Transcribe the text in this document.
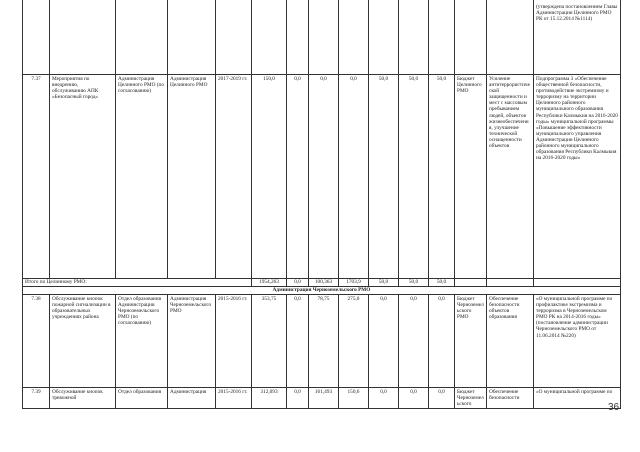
														(утверждена постановлением Главы Администрации Целинного РМО РК от 15.12.2014 №1114)
7.37	Мероприятия по внедрению, обслуживанию АПК «Безопасный город»	Администрация Целинного РМО (по согласованию)	Администрация Целинного РМО	2017-2019 гг.	150,0	0,0	0,0	0,0	50,0	50,0	50,0	Бюджет Целинного РМО	Усиление антитеррористической защищенности и мест с массовым пребыванием людей, объектов жизнеобеспечения, улучшение технической оснащенности объектов	Подпрограмма 3 «Обеспечение общественной безопасности, противодействие экстремизму и терроризму на территории Целинного районного муниципального образования Республики Калмыкия на 2016-2020 годы» муниципальной программы «Повышение эффективности муниципального управления Администрации Целинного районного муниципального образования Республики Калмыкия на 2016-2020 годы»
Итого по Целинному РМО:					1954,263	0,0	100,363	1703,9	50,0	50,0	50,0			
Администрация Черноземельского РМО														
7.38	Обслуживание кнопок пожарной сигнализации в образовательных учреждениях района	Отдел образования Администрации Черноземельского РМО (по согласованию)	Администрация Черноземельского РМО	2015-2016 гг.	353,75	0,0	78,75	275,0	0,0	0,0	0,0	Бюджет Черноземельского РМО	Обеспечение безопасности объектов образования	«О муниципальной программе по профилактике экстремизма и терроризма в Черноземельском РМО РК на 2014-2016 годы» (постановление администрации Черноземельского РМО от 11.06.2014 №220)
7.39	Обслуживание кнопок тревожной	Отдел образования	Администрация	2015-2016 гг.	312,093	0,0	161,493	150,6	0,0	0,0	0,0	Бюджет Черноземельского	Обеспечение безопасности	«О муниципальной программе по
36
